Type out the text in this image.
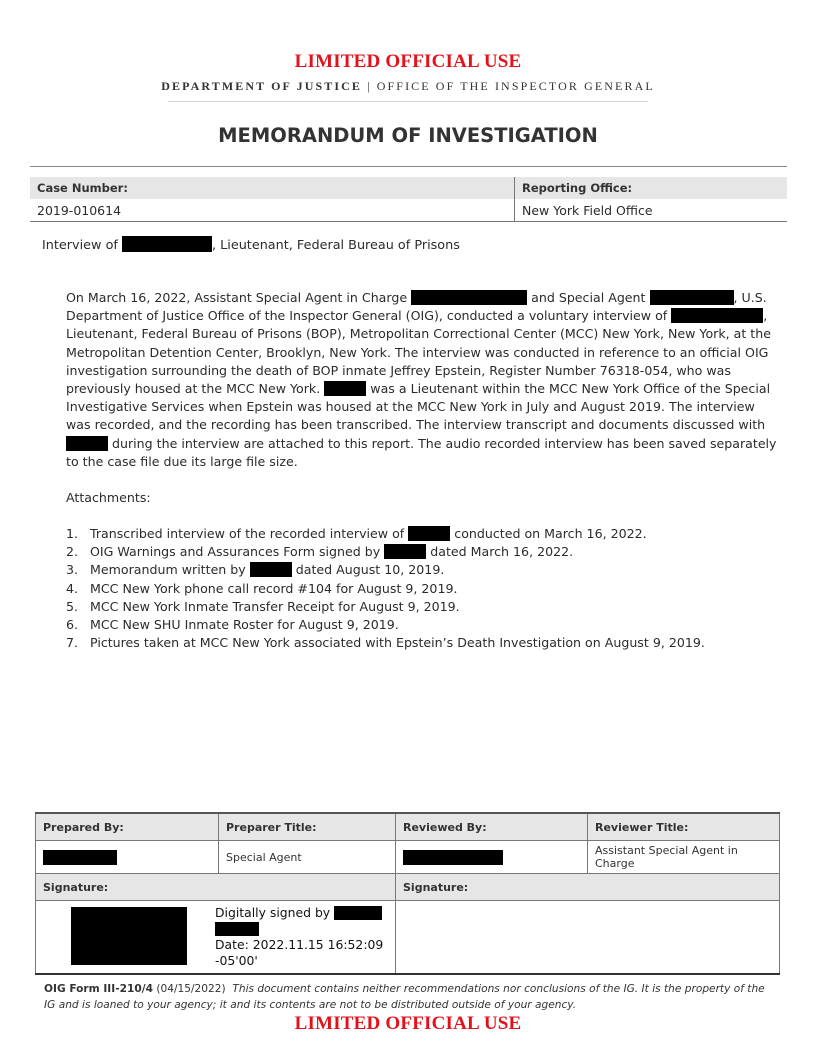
LIMITED OFFICIAL USE
DEPARTMENT OF JUSTICE | OFFICE OF THE INSPECTOR GENERAL
MEMORANDUM OF INVESTIGATION
Case Number:	Reporting Office:
2019-010614	New York Field Office
Interview of	, Lieutenant, Federal Bureau of Prisons
On March 16, 2022, Assistant Special Agent in Charge	and Special Agent	, U.S. Department of Justice Office of the Inspector General (OIG), conducted a voluntary interview of	, Lieutenant, Federal Bureau of Prisons (BOP), Metropolitan Correctional Center (MCC) New York, New York, at the Metropolitan Detention Center, Brooklyn, New York. The interview was conducted in reference to an official OIG investigation surrounding the death of BOP inmate Jeffrey Epstein, Register Number 76318-054, who was previously housed at the MCC New York.	was a Lieutenant within the MCC New York Office of the Special Investigative Services when Epstein was housed at the MCC New York in July and August 2019. The interview was recorded, and the recording has been transcribed. The interview transcript and documents discussed with  during the interview are attached to this report. The audio recorded interview has been saved separately to the case file due its large file size.
Attachments:
1. Transcribed interview of the recorded interview of	conducted on March 16, 2022.
2. OIG Warnings and Assurances Form signed by	dated March 16, 2022.
3. Memorandum written by	dated August 10, 2019.
4. MCC New York phone call record #104 for August 9, 2019.
5. MCC New York Inmate Transfer Receipt for August 9, 2019.
6. MCC New SHU Inmate Roster for August 9, 2019.
7. Pictures taken at MCC New York associated with Epstein’s Death Investigation on August 9, 2019.
Prepared By:	Preparer Title:	Reviewed By:	Reviewer Title:
	Special Agent		Assistant Special Agent in Charge
Signature:		Signature:	

Digitally signed by
Date: 2022.11.15 16:52:09
-05'00'			

OIG Form III-210/4 (04/15/2022) This document contains neither recommendations nor conclusions of the IG. It is the property of the IG and is loaned to your agency; it and its contents are not to be distributed outside of your agency.
LIMITED OFFICIAL USE
